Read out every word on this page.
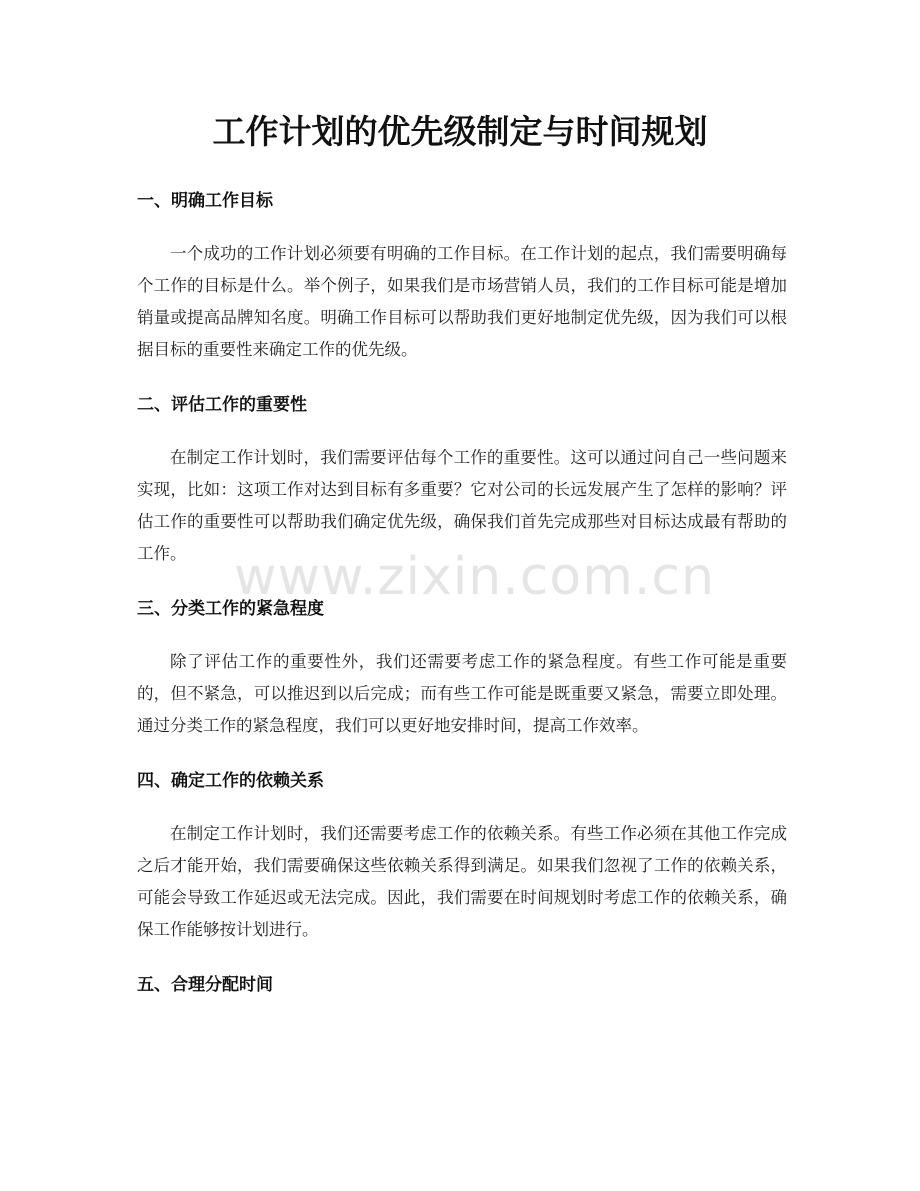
工作计划的优先级制定与时间规划
一、明确工作目标

一个成功的工作计划必须要有明确的工作目标。在工作计划的起点，我们需要明确每个工作的目标是什么。举个例子，如果我们是市场营销人员，我们的工作目标可能是增加销量或提高品牌知名度。明确工作目标可以帮助我们更好地制定优先级，因为我们可以根据目标的重要性来确定工作的优先级。

二、评估工作的重要性

在制定工作计划时，我们需要评估每个工作的重要性。这可以通过问自己一些问题来实现，比如：这项工作对达到目标有多重要？它对公司的长远发展产生了怎样的影响？评估工作的重要性可以帮助我们确定优先级，确保我们首先完成那些对目标达成最有帮助的工作。

三、分类工作的紧急程度

除了评估工作的重要性外，我们还需要考虑工作的紧急程度。有些工作可能是重要的，但不紧急，可以推迟到以后完成；而有些工作可能是既重要又紧急，需要立即处理。通过分类工作的紧急程度，我们可以更好地安排时间，提高工作效率。

四、确定工作的依赖关系

在制定工作计划时，我们还需要考虑工作的依赖关系。有些工作必须在其他工作完成之后才能开始，我们需要确保这些依赖关系得到满足。如果我们忽视了工作的依赖关系，可能会导致工作延迟或无法完成。因此，我们需要在时间规划时考虑工作的依赖关系，确保工作能够按计划进行。

五、合理分配时间
www.zixin.com.cn
